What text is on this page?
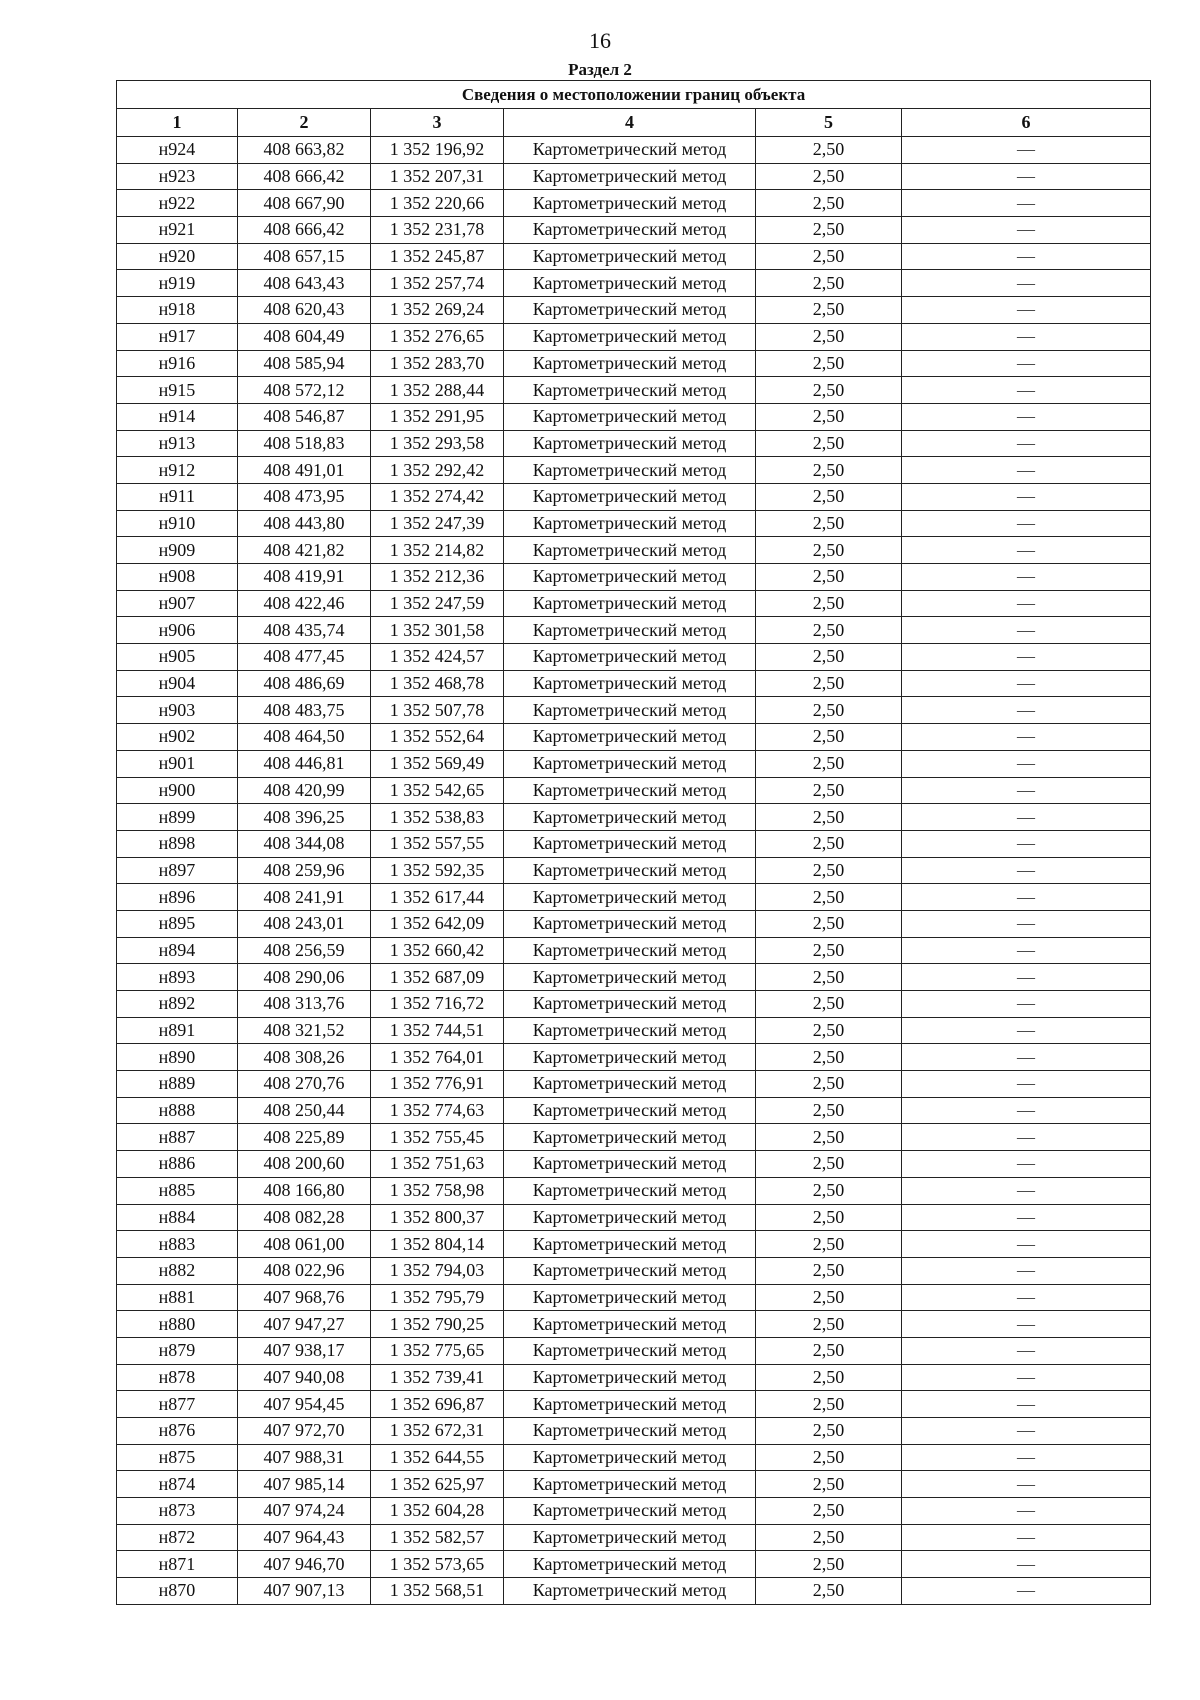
16
Раздел 2
Сведения о местоположении границ объекта					
1	2	3	4	5	6
н924	408 663,82	1 352 196,92	Картометрический метод	2,50	—
н923	408 666,42	1 352 207,31	Картометрический метод	2,50	—
н922	408 667,90	1 352 220,66	Картометрический метод	2,50	—
н921	408 666,42	1 352 231,78	Картометрический метод	2,50	—
н920	408 657,15	1 352 245,87	Картометрический метод	2,50	—
н919	408 643,43	1 352 257,74	Картометрический метод	2,50	—
н918	408 620,43	1 352 269,24	Картометрический метод	2,50	—
н917	408 604,49	1 352 276,65	Картометрический метод	2,50	—
н916	408 585,94	1 352 283,70	Картометрический метод	2,50	—
н915	408 572,12	1 352 288,44	Картометрический метод	2,50	—
н914	408 546,87	1 352 291,95	Картометрический метод	2,50	—
н913	408 518,83	1 352 293,58	Картометрический метод	2,50	—
н912	408 491,01	1 352 292,42	Картометрический метод	2,50	—
н911	408 473,95	1 352 274,42	Картометрический метод	2,50	—
н910	408 443,80	1 352 247,39	Картометрический метод	2,50	—
н909	408 421,82	1 352 214,82	Картометрический метод	2,50	—
н908	408 419,91	1 352 212,36	Картометрический метод	2,50	—
н907	408 422,46	1 352 247,59	Картометрический метод	2,50	—
н906	408 435,74	1 352 301,58	Картометрический метод	2,50	—
н905	408 477,45	1 352 424,57	Картометрический метод	2,50	—
н904	408 486,69	1 352 468,78	Картометрический метод	2,50	—
н903	408 483,75	1 352 507,78	Картометрический метод	2,50	—
н902	408 464,50	1 352 552,64	Картометрический метод	2,50	—
н901	408 446,81	1 352 569,49	Картометрический метод	2,50	—
н900	408 420,99	1 352 542,65	Картометрический метод	2,50	—
н899	408 396,25	1 352 538,83	Картометрический метод	2,50	—
н898	408 344,08	1 352 557,55	Картометрический метод	2,50	—
н897	408 259,96	1 352 592,35	Картометрический метод	2,50	—
н896	408 241,91	1 352 617,44	Картометрический метод	2,50	—
н895	408 243,01	1 352 642,09	Картометрический метод	2,50	—
н894	408 256,59	1 352 660,42	Картометрический метод	2,50	—
н893	408 290,06	1 352 687,09	Картометрический метод	2,50	—
н892	408 313,76	1 352 716,72	Картометрический метод	2,50	—
н891	408 321,52	1 352 744,51	Картометрический метод	2,50	—
н890	408 308,26	1 352 764,01	Картометрический метод	2,50	—
н889	408 270,76	1 352 776,91	Картометрический метод	2,50	—
н888	408 250,44	1 352 774,63	Картометрический метод	2,50	—
н887	408 225,89	1 352 755,45	Картометрический метод	2,50	—
н886	408 200,60	1 352 751,63	Картометрический метод	2,50	—
н885	408 166,80	1 352 758,98	Картометрический метод	2,50	—
н884	408 082,28	1 352 800,37	Картометрический метод	2,50	—
н883	408 061,00	1 352 804,14	Картометрический метод	2,50	—
н882	408 022,96	1 352 794,03	Картометрический метод	2,50	—
н881	407 968,76	1 352 795,79	Картометрический метод	2,50	—
н880	407 947,27	1 352 790,25	Картометрический метод	2,50	—
н879	407 938,17	1 352 775,65	Картометрический метод	2,50	—
н878	407 940,08	1 352 739,41	Картометрический метод	2,50	—
н877	407 954,45	1 352 696,87	Картометрический метод	2,50	—
н876	407 972,70	1 352 672,31	Картометрический метод	2,50	—
н875	407 988,31	1 352 644,55	Картометрический метод	2,50	—
н874	407 985,14	1 352 625,97	Картометрический метод	2,50	—
н873	407 974,24	1 352 604,28	Картометрический метод	2,50	—
н872	407 964,43	1 352 582,57	Картометрический метод	2,50	—
н871	407 946,70	1 352 573,65	Картометрический метод	2,50	—
н870	407 907,13	1 352 568,51	Картометрический метод	2,50	—
